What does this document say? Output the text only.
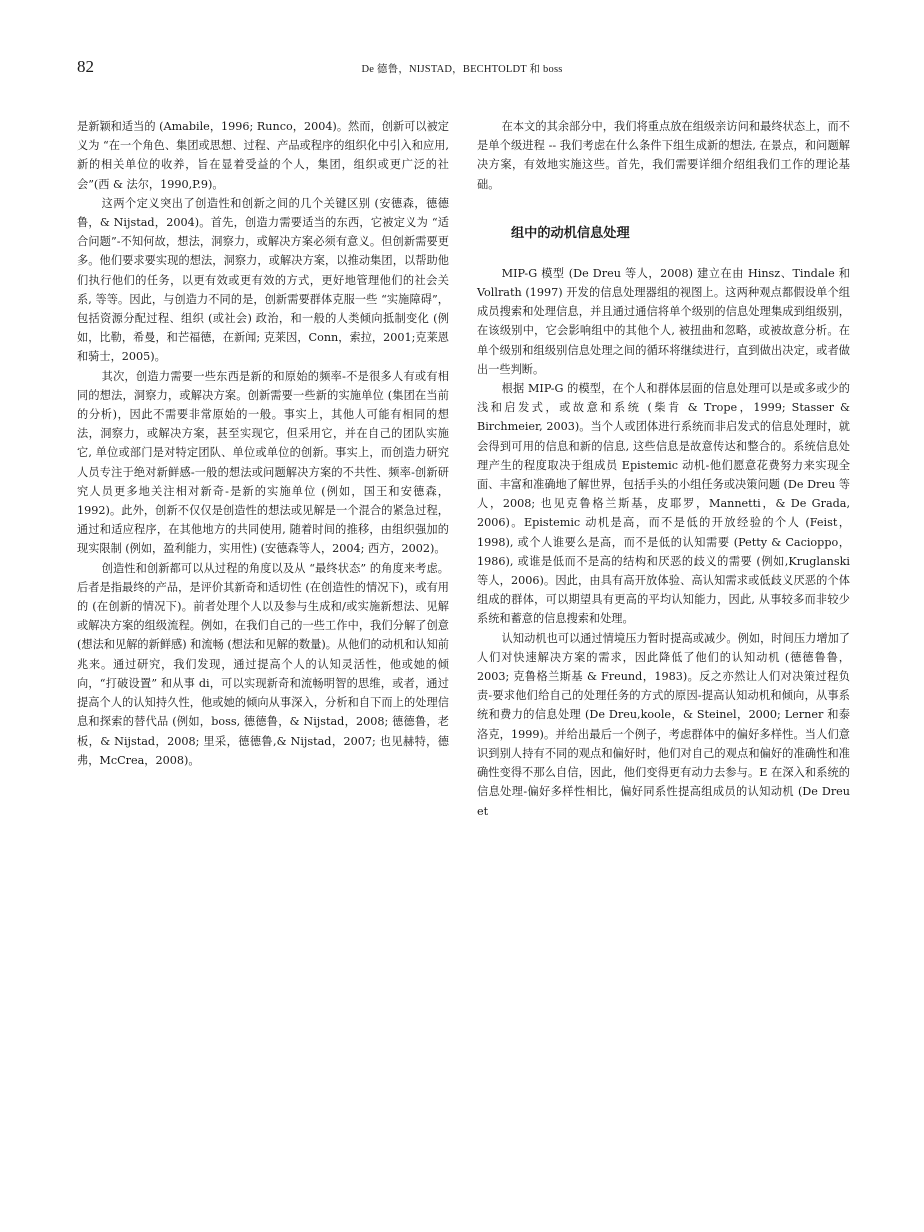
82	De 德鲁，NIJSTAD，BECHTOLDT 和 boss

是新颖和适当的 (Amabile，1996; Runco，2004)。然而，创新可以被定义为 “在一个角色、集团或思想、过程、产品或程序的组织化中引入和应用, 新的相关单位的收养，旨在显着受益的个人，集团，组织或更广泛的社会”(西 & 法尔，1990,P.9)。

这两个定义突出了创造性和创新之间的几个关键区别 (安德森，德德鲁，& Nijstad，2004)。首先，创造力需要适当的东西，它被定义为 “适合问题”-不知何故，想法，洞察力，或解决方案必须有意义。但创新需要更多。他们要求要实现的想法，洞察力，或解决方案，以推动集团，以帮助他们执行他们的任务，以更有效或更有效的方式，更好地管理他们的社会关系, 等等。因此，与创造力不同的是，创新需要群体克服一些 “实施障碍”，包括资源分配过程、组织 (或社会) 政治，和一般的人类倾向抵制变化 (例如，比勒，希曼，和芒福德，在新闻; 克莱因，Conn，索拉，2001;克莱恩和骑士，2005)。

其次，创造力需要一些东西是新的和原始的频率-不是很多人有或有相同的想法，洞察力，或解决方案。创新需要一些新的实施单位 (集团在当前的分析)，因此不需要非常原始的一般。事实上，其他人可能有相同的想法，洞察力，或解决方案，甚至实现它，但采用它，并在自己的团队实施它, 单位或部门是对特定团队、单位或单位的创新。事实上，而创造力研究人员专注于绝对新鲜感-一般的想法或问题解决方案的不共性、频率-创新研究人员更多地关注相对新奇-是新的实施单位 (例如，国王和安德森，1992)。此外，创新不仅仅是创造性的想法或见解是一个混合的紧急过程，通过和适应程序，在其他地方的共同使用, 随着时间的推移，由组织强加的现实限制 (例如，盈利能力，实用性) (安德森等人，2004; 西方，2002)。

创造性和创新都可以从过程的角度以及从 “最终状态” 的角度来考虑。后者是指最终的产品，是评价其新奇和适切性 (在创造性的情况下)，或有用的 (在创新的情况下)。前者处理个人以及参与生成和/或实施新想法、见解或解决方案的组级流程。例如，在我们自己的一些工作中，我们分解了创意 (想法和见解的新鲜感) 和流畅 (想法和见解的数量)。从他们的动机和认知前兆来。通过研究，我们发现，通过提高个人的认知灵活性，他或她的倾向，“打破设置” 和从事 di，可以实现新奇和流畅明智的思维，或者，通过提高个人的认知持久性，他或她的倾向从事深入，分析和自下而上的处理信息和探索的替代品 (例如，boss, 德德鲁，& Nijstad，2008; 德德鲁，老板，& Nijstad，2008; 里采，德德鲁,& Nijstad，2007; 也见赫特，德弗，McCrea，2008)。

在本文的其余部分中，我们将重点放在组级亲访问和最终状态上，而不是单个级进程 -- 我们考虑在什么条件下组生成新的想法, 在景点，和问题解决方案，有效地实施这些。首先，我们需要详细介绍组我们工作的理论基础。

组中的动机信息处理

MIP-G 模型 (De Dreu 等人，2008) 建立在由 Hinsz、Tindale 和 Vollrath (1997) 开发的信息处理器组的视图上。这两种观点都假设单个组成员搜索和处理信息，并且通过通信将单个级别的信息处理集成到组级别，在该级别中，它会影响组中的其他个人, 被扭曲和忽略，或被故意分析。在单个级别和组级别信息处理之间的循环将继续进行，直到做出决定，或者做出一些判断。

根据 MIP-G 的模型，在个人和群体层面的信息处理可以是或多或少的浅和启发式，或故意和系统 (柴肯 & Trope，1999; Stasser & Birchmeier, 2003)。当个人或团体进行系统而非启发式的信息处理时，就会得到可用的信息和新的信息, 这些信息是故意传达和整合的。系统信息处理产生的程度取决于组成员 Epistemic 动机-他们愿意花费努力来实现全面、丰富和准确地了解世界，包括手头的小组任务或决策问题 (De Dreu 等人，2008; 也见克鲁格兰斯基，皮耶罗，Mannetti，& De Grada, 2006)。Epistemic 动机是高，而不是低的开放经验的个人 (Feist，1998), 或个人谁要么是高，而不是低的认知需要 (Petty & Cacioppo，1986), 或谁是低而不是高的结构和厌恶的歧义的需要 (例如,Kruglanski 等人，2006)。因此，由具有高开放体验、高认知需求或低歧义厌恶的个体组成的群体，可以期望具有更高的平均认知能力，因此, 从事较多而非较少系统和蓄意的信息搜索和处理。

认知动机也可以通过情境压力暂时提高或减少。例如，时间压力增加了人们对快速解决方案的需求，因此降低了他们的认知动机 (德德鲁鲁，2003; 克鲁格兰斯基 & Freund，1983)。反之亦然让人们对决策过程负责-要求他们给自己的处理任务的方式的原因-提高认知动机和倾向，从事系统和费力的信息处理 (De Dreu,koole，& Steinel，2000; Lerner 和泰洛克，1999)。并给出最后一个例子，考虑群体中的偏好多样性。当人们意识到别人持有不同的观点和偏好时，他们对自己的观点和偏好的准确性和准确性变得不那么自信，因此，他们变得更有动力去参与。E 在深入和系统的信息处理-偏好多样性相比，偏好同系性提高组成员的认知动机 (De Dreu et
